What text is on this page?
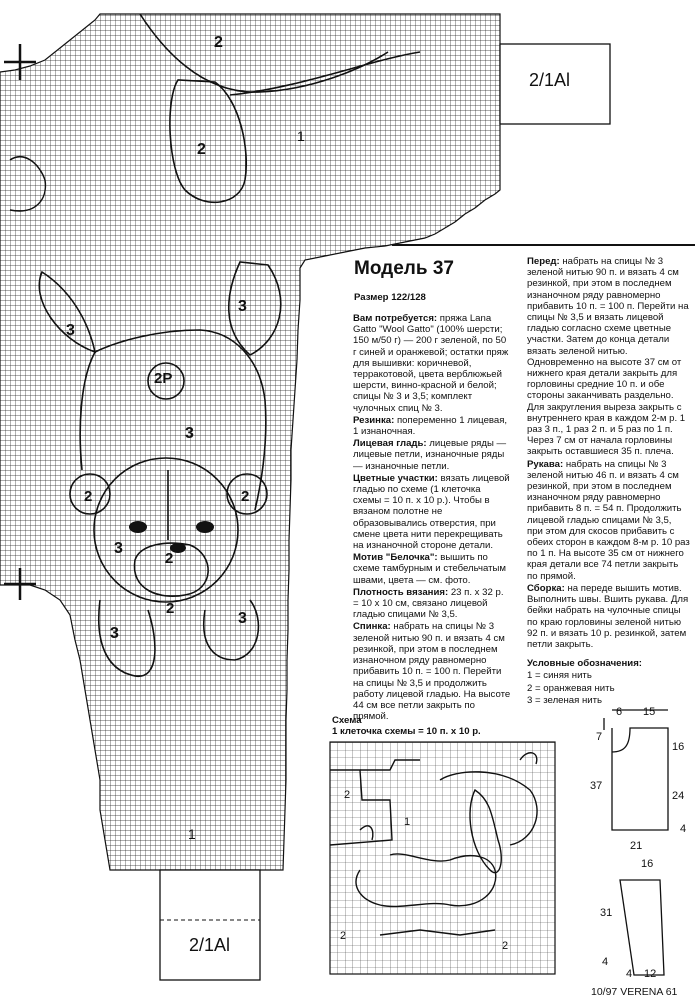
2
2
1
3
3
2P
3
2	2
3
2
2
3
3
1
2/1Al
2/1Al
Модель 37
Размер 122/128

Вам потребуется: пряжа Lana Gatto "Wool Gatto" (100% шерсти; 150 м/50 г) — 200 г зеленой, по 50 г синей и оранжевой; остатки пряж для вышивки: коричневой, терракотовой, цвета верблюжьей шерсти, винно-красной и белой; спицы № 3 и 3,5; комплект чулочных спиц № 3.

Резинка: попеременно 1 лицевая, 1 изнаночная.

Лицевая гладь: лицевые ряды — лицевые петли, изнаночные ряды — изнаночные петли.

Цветные участки: вязать лицевой гладью по схеме (1 клеточка схемы = 10 п. х 10 р.). Чтобы в вязаном полотне не образовывались отверстия, при смене цвета нити перекрещивать на изнаночной стороне детали.

Мотив "Белочка": вышить по схеме тамбурным и стебельчатым швами, цвета — см. фото.

Плотность вязания: 23 п. х 32 р. = 10 х 10 см, связано лицевой гладью спицами № 3,5.

Спинка: набрать на спицы № 3 зеленой нитью 90 п. и вязать 4 см резинкой, при этом в последнем изнаночном ряду равномерно прибавить 10 п. = 100 п. Перейти на спицы № 3,5 и продолжить работу лицевой гладью. На высоте 44 см все петли закрыть по прямой.

Перед: набрать на спицы № 3 зеленой нитью 90 п. и вязать 4 см резинкой, при этом в последнем изнаночном ряду равномерно прибавить 10 п. = 100 п. Перейти на спицы № 3,5 и вязать лицевой гладью согласно схеме цветные участки. Затем до конца детали вязать зеленой нитью. Одновременно на высоте 37 см от нижнего края детали закрыть для горловины средние 10 п. и обе стороны заканчивать раздельно. Для закругления выреза закрыть с внутреннего края в каждом 2-м р. 1 раз 3 п., 1 раз 2 п. и 5 раз по 1 п. Через 7 см от начала горловины закрыть оставшиеся 35 п. плеча.

Рукава: набрать на спицы № 3 зеленой нитью 46 п. и вязать 4 см резинкой, при этом в последнем изнаночном ряду равномерно прибавить 8 п. = 54 п. Продолжить лицевой гладью спицами № 3,5, при этом для скосов прибавить с обеих сторон в каждом 8-м р. 10 раз по 1 п. На высоте 35 см от нижнего края детали все 74 петли закрыть по прямой.

Сборка: на переде вышить мотив. Выполнить швы. Вшить рукава. Для бейки набрать на чулочные спицы по краю горловины зеленой нитью 92 п. и вязать 10 р. резинкой, затем петли закрыть.

Условные обозначения:

1 = синяя нить

2 = оранжевая нить

3 = зеленая нить

Схема
1 клеточка схемы = 10 п. х 10 р.
2
1
2
2
6 15
7
16
37
24
4
21
16
31
4
4 12
10/97 VERENA 61
